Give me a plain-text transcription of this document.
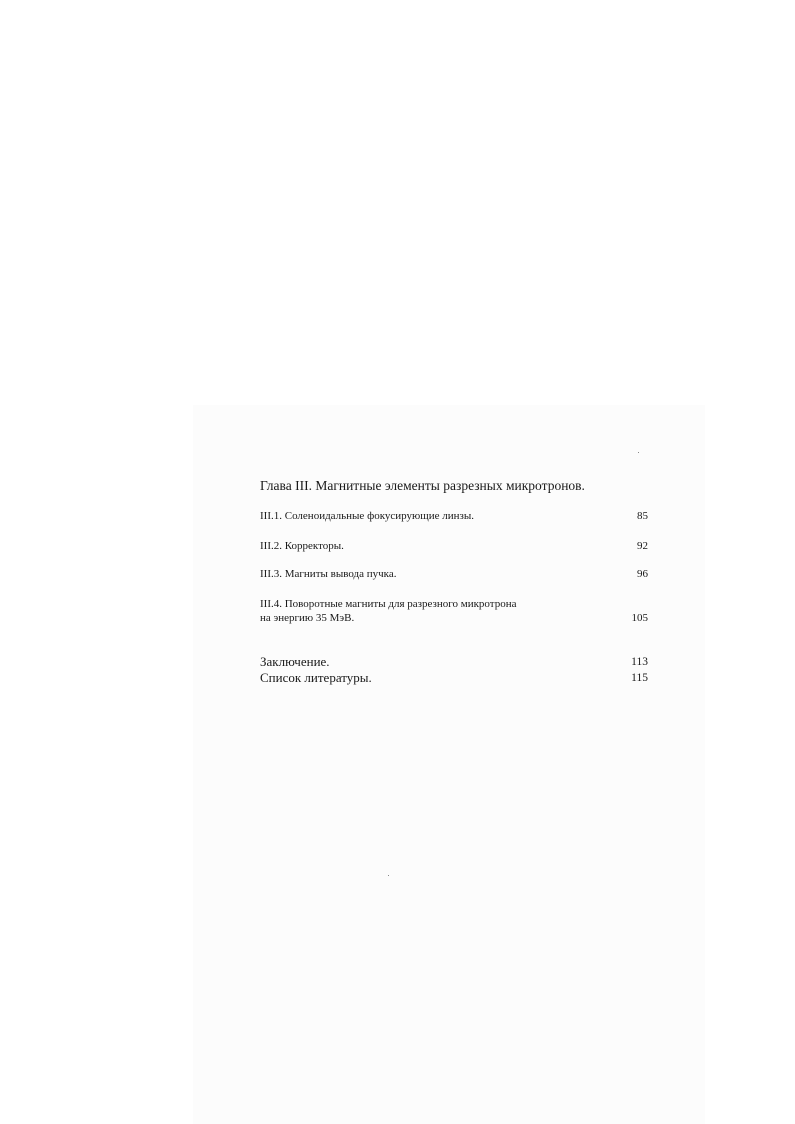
Глава III. Магнитные элементы разрезных микротронов.
III.1. Соленоидальные фокусирующие линзы.	85
III.2. Корректоры.	92
III.3. Магниты вывода пучка.	96
III.4. Поворотные магниты для разрезного микротрона
на энергию 35 МэВ.	105
Заключение.	113
Список литературы.	115
